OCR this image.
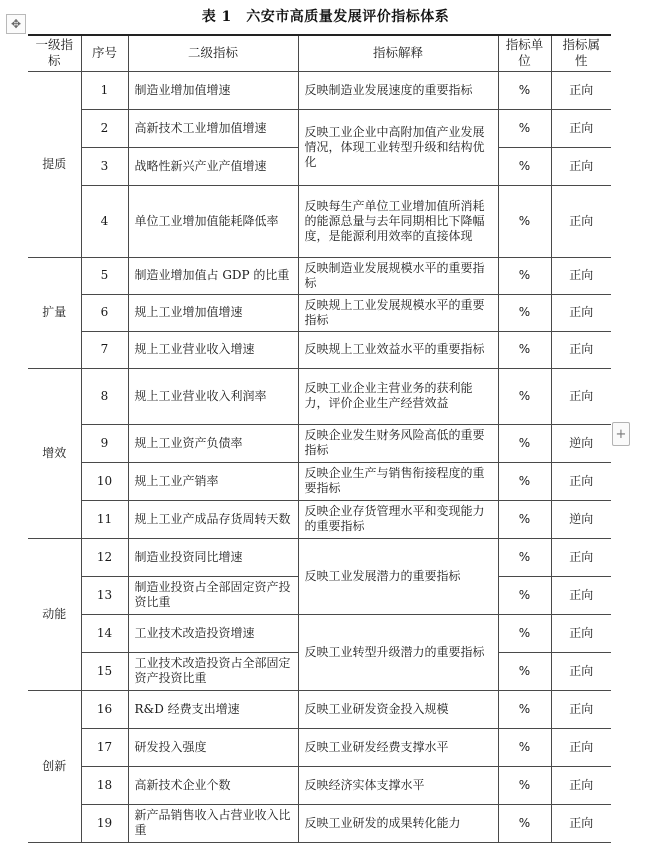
✥	表 1　六安市高质量发展评价指标体系
一级指标	序号	二级指标	指标解释	指标单位	指标属性
提质	1	制造业增加值增速	反映制造业发展速度的重要指标	%	正向
	2	高新技术工业增加值增速	反映工业企业中高附加值产业发展情况，体现工业转型升级和结构优化	%	正向
	3	战略性新兴产业产值增速		%	正向
	4	单位工业增加值能耗降低率	反映每生产单位工业增加值所消耗的能源总量与去年同期相比下降幅度，是能源利用效率的直接体现	%	正向
扩量	5	制造业增加值占 GDP 的比重	反映制造业发展规模水平的重要指标	%	正向
	6	规上工业增加值增速	反映规上工业发展规模水平的重要指标	%	正向
	7	规上工业营业收入增速	反映规上工业效益水平的重要指标	%	正向
增效	8	规上工业营业收入利润率	反映工业企业主营业务的获利能力，评价企业生产经营效益	%	正向
	9	规上工业资产负债率	反映企业发生财务风险高低的重要指标	%	逆向
	10	规上工业产销率	反映企业生产与销售衔接程度的重要指标	%	正向
	11	规上工业产成品存货周转天数	反映企业存货管理水平和变现能力的重要指标	%	逆向
动能	12	制造业投资同比增速	反映工业发展潜力的重要指标	%	正向
	13	制造业投资占全部固定资产投资比重		%	正向
	14	工业技术改造投资增速	反映工业转型升级潜力的重要指标	%	正向
	15	工业技术改造投资占全部固定资产投资比重		%	正向
创新	16	R&D 经费支出增速	反映工业研发资金投入规模	%	正向
	17	研发投入强度	反映工业研发经费支撑水平	%	正向
	18	高新技术企业个数	反映经济实体支撑水平	%	正向
	19	新产品销售收入占营业收入比重	反映工业研发的成果转化能力	%	正向
+
